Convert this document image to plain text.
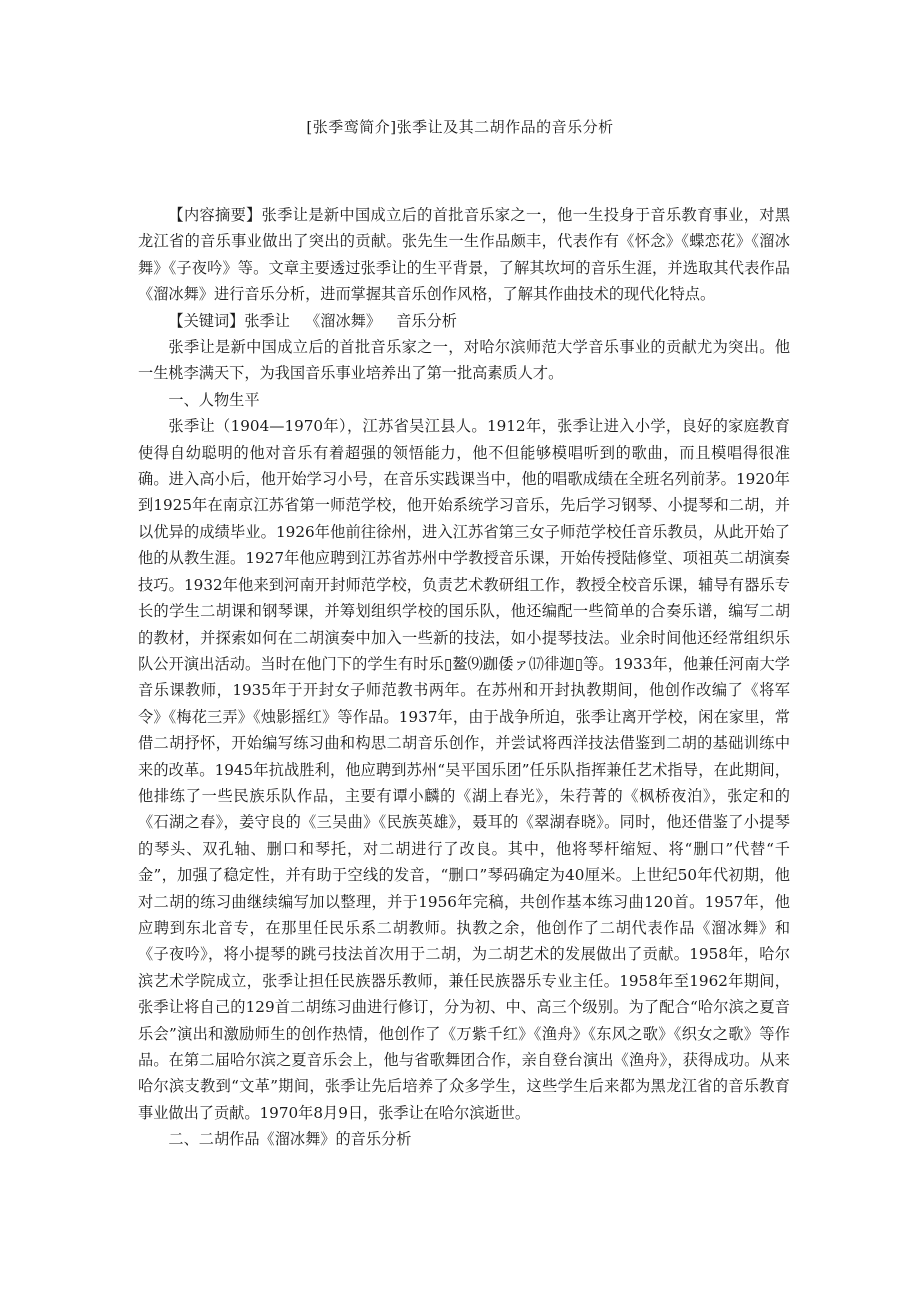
[张季鸾简介]张季让及其二胡作品的音乐分析

【内容摘要】张季让是新中国成立后的首批音乐家之一，他一生投身于音乐教育事业，对黑龙江省的音乐事业做出了突出的贡献。张先生一生作品颇丰，代表作有《怀念》《蝶恋花》《溜冰舞》《子夜吟》等。文章主要透过张季让的生平背景，了解其坎坷的音乐生涯，并选取其代表作品《溜冰舞》进行音乐分析，进而掌握其音乐创作风格，了解其作曲技术的现代化特点。

【关键词】张季让 《溜冰舞》 音乐分析

张季让是新中国成立后的首批音乐家之一，对哈尔滨师范大学音乐事业的贡献尤为突出。他一生桃李满天下，为我国音乐事业培养出了第一批高素质人才。

一、人物生平

张季让（1904—1970年），江苏省吴江县人。1912年，张季让进入小学，良好的家庭教育使得自幼聪明的他对音乐有着超强的领悟能力，他不但能够模唱听到的歌曲，而且模唱得很准确。进入高小后，他开始学习小号，在音乐实践课当中，他的唱歌成绩在全班名列前茅。1920年到1925年在南京江苏省第一师范学校，他开始系统学习音乐，先后学习钢琴、小提琴和二胡，并以优异的成绩毕业。1926年他前往徐州，进入江苏省第三女子师范学校任音乐教员，从此开始了他的从教生涯。1927年他应聘到江苏省苏州中学教授音乐课，开始传授陆修堂、项祖英二胡演奏技巧。1932年他来到河南开封师范学校，负责艺术教研组工作，教授全校音乐课，辅导有器乐专长的学生二胡课和钢琴课，并筹划组织学校的国乐队，他还编配一些简单的合奏乐谱，编写二胡的教材，并探索如何在二胡演奏中加入一些新的技法，如小提琴技法。业余时间他还经常组织乐队公开演出活动。当时在他门下的学生有时乐▯鳌⑼跏倭ァ⒄徘迦▯等。1933年，他兼任河南大学音乐课教师，1935年于开封女子师范教书两年。在苏州和开封执教期间，他创作改编了《将军令》《梅花三弄》《烛影摇红》等作品。1937年，由于战争所迫，张季让离开学校，闲在家里，常借二胡抒怀，开始编写练习曲和构思二胡音乐创作，并尝试将西洋技法借鉴到二胡的基础训练中来的改革。1945年抗战胜利，他应聘到苏州“吴平国乐团”任乐队指挥兼任艺术指导，在此期间，他排练了一些民族乐队作品，主要有谭小麟的《湖上春光》，朱荇菁的《枫桥夜泊》，张定和的《石湖之春》，姜守良的《三吴曲》《民族英雄》，聂耳的《翠湖春晓》。同时，他还借鉴了小提琴的琴头、双孔轴、删口和琴托，对二胡进行了改良。其中，他将琴杆缩短、将“删口”代替“千金”，加强了稳定性，并有助于空线的发音，“删口”琴码确定为40厘米。上世纪50年代初期，他对二胡的练习曲继续编写加以整理，并于1956年完稿，共创作基本练习曲120首。1957年，他应聘到东北音专，在那里任民乐系二胡教师。执教之余，他创作了二胡代表作品《溜冰舞》和《子夜吟》，将小提琴的跳弓技法首次用于二胡，为二胡艺术的发展做出了贡献。1958年，哈尔滨艺术学院成立，张季让担任民族器乐教师，兼任民族器乐专业主任。1958年至1962年期间，张季让将自己的129首二胡练习曲进行修订，分为初、中、高三个级别。为了配合“哈尔滨之夏音乐会”演出和激励师生的创作热情，他创作了《万紫千红》《渔舟》《东风之歌》《织女之歌》等作品。在第二届哈尔滨之夏音乐会上，他与省歌舞团合作，亲自登台演出《渔舟》，获得成功。从来哈尔滨支教到“文革”期间，张季让先后培养了众多学生，这些学生后来都为黑龙江省的音乐教育事业做出了贡献。1970年8月9日，张季让在哈尔滨逝世。

二、二胡作品《溜冰舞》的音乐分析
